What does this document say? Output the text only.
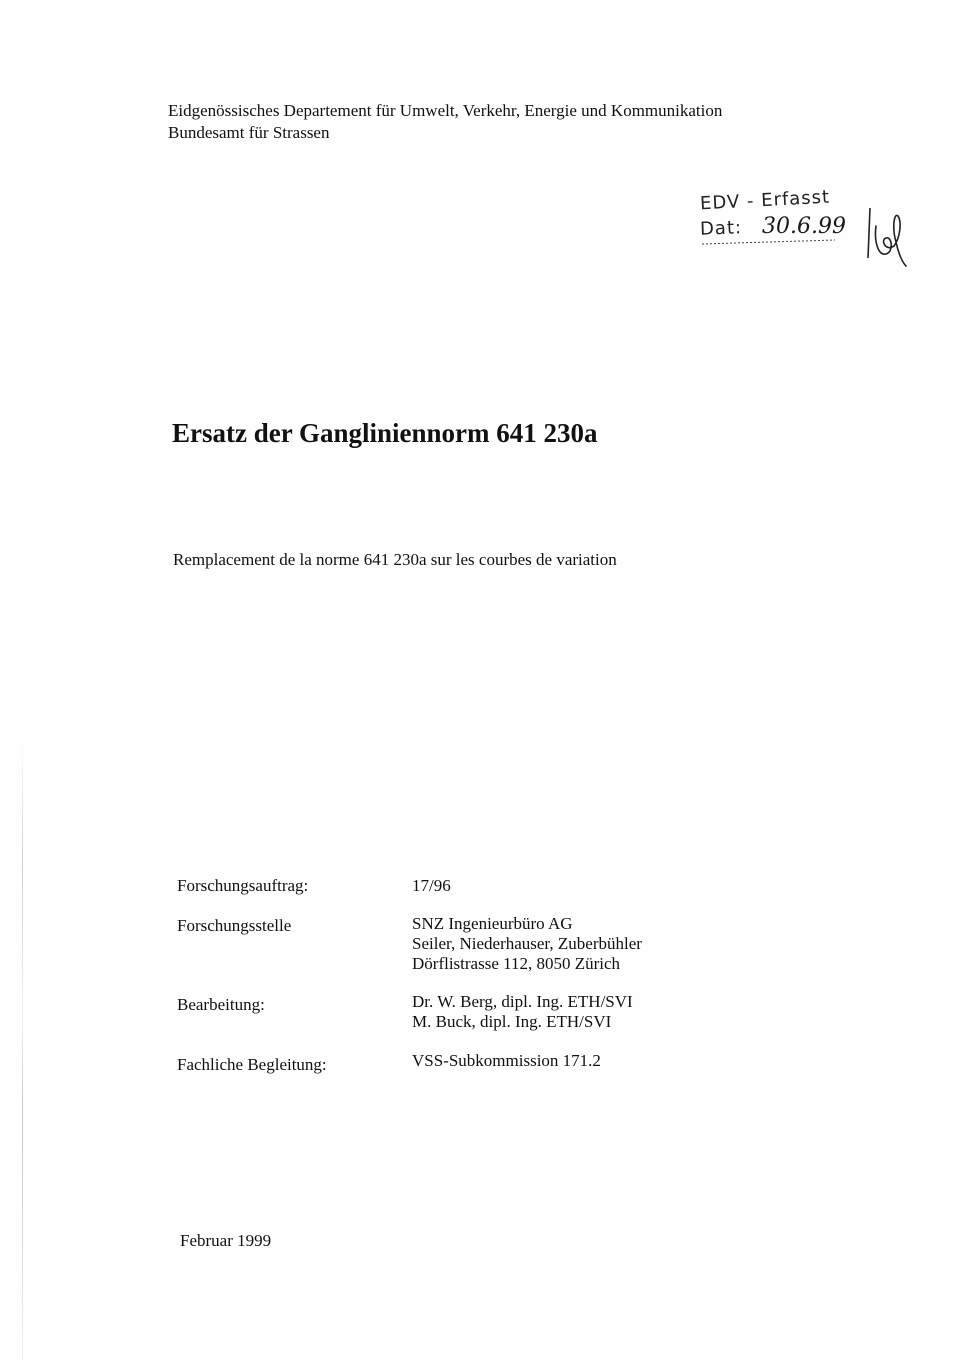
Eidgenössisches Departement für Umwelt, Verkehr, Energie und Kommunikation
Bundesamt für Strassen
EDV - Erfasst
Dat: 30.6.99
Ersatz der Gangliniennorm 641 230a
Remplacement de la norme 641 230a sur les courbes de variation
Forschungsauftrag:	17/96
Forschungsstelle	SNZ Ingenieurbüro AG
Seiler, Niederhauser, Zuberbühler
Dörflistrasse 112, 8050 Zürich
Bearbeitung:	Dr. W. Berg, dipl. Ing. ETH/SVI
M. Buck, dipl. Ing. ETH/SVI
Fachliche Begleitung:	VSS-Subkommission 171.2
Februar 1999
